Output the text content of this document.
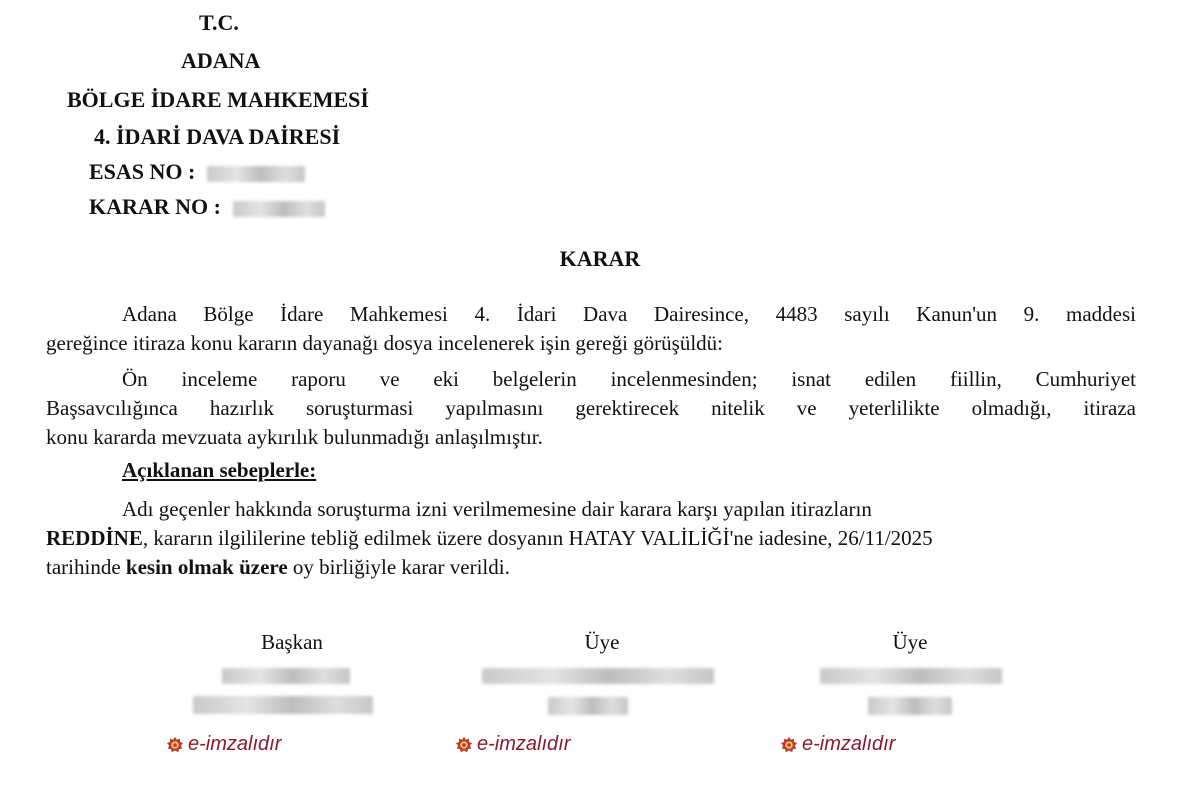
T.C.
ADANA
BÖLGE İDARE MAHKEMESİ
4. İDARİ DAVA DAİRESİ
ESAS NO :
KARAR NO :
KARAR
Adana Bölge İdare Mahkemesi 4. İdari Dava Dairesince, 4483 sayılı Kanun'un 9. maddesi
gereğince itiraza konu kararın dayanağı dosya incelenerek işin gereği görüşüldü:
Ön inceleme raporu ve eki belgelerin incelenmesinden; isnat edilen fiillin, Cumhuriyet
Başsavcılığınca hazırlık soruşturmasi yapılmasını gerektirecek nitelik ve yeterlilikte olmadığı, itiraza
konu kararda mevzuata aykırılık bulunmadığı anlaşılmıştır.
Açıklanan sebeplerle:
Adı geçenler hakkında soruşturma izni verilmemesine dair karara karşı yapılan itirazların
REDDİNE, kararın ilgililerine tebliğ edilmek üzere dosyanın HATAY VALİLİĞİ'ne iadesine, 26/11/2025
tarihinde kesin olmak üzere oy birliğiyle karar verildi.
Başkan
e-imzalıdır
Üye
e-imzalıdır
Üye
e-imzalıdır
